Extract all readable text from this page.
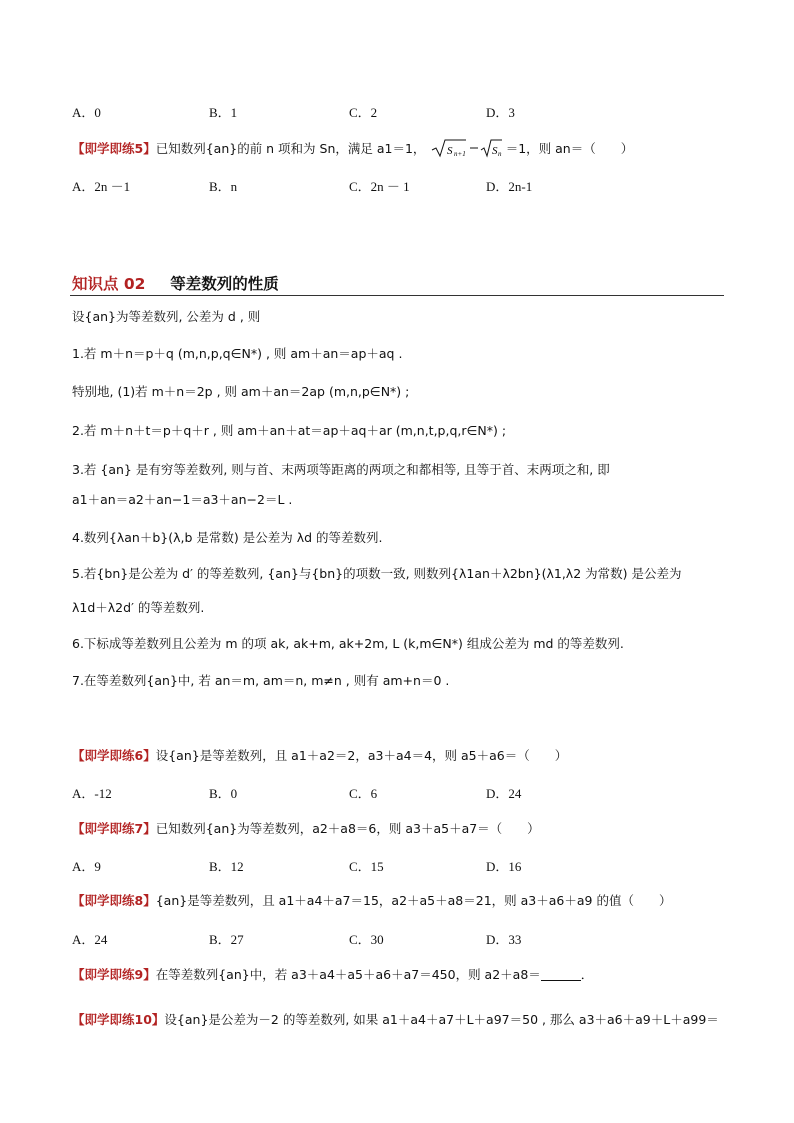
A．0	B．1	C．2	D．3
【即学即练5】已知数列{an}的前 n 项和为 Sn，满足 a1＝1， S n+1 S n ＝1，则 an＝（　　）
A．2n －1	B．n	C．2n － 1	D．2n-1
知识点 02 等差数列的性质
设{an}为等差数列, 公差为 d , 则
1.若 m＋n＝p＋q (m,n,p,q∈N*) , 则 am＋an＝ap＋aq .
特别地, (1)若 m＋n＝2p , 则 am＋an＝2ap (m,n,p∈N*) ;
2.若 m＋n＋t＝p＋q＋r , 则 am＋an＋at＝ap＋aq＋ar (m,n,t,p,q,r∈N*) ;
3.若 {an} 是有穷等差数列, 则与首、末两项等距离的两项之和都相等, 且等于首、末两项之和, 即
a1＋an＝a2＋an−1＝a3＋an−2＝L .
4.数列{λan＋b}(λ,b 是常数) 是公差为 λd 的等差数列.
5.若{bn}是公差为 d′ 的等差数列, {an}与{bn}的项数一致, 则数列{λ1an＋λ2bn}(λ1,λ2 为常数) 是公差为
λ1d＋λ2d′ 的等差数列.
6.下标成等差数列且公差为 m 的项 ak, ak+m, ak+2m, L (k,m∈N*) 组成公差为 md 的等差数列.
7.在等差数列{an}中, 若 an＝m, am＝n, m≠n , 则有 am+n＝0 .
【即学即练6】设{an}是等差数列，且 a1＋a2＝2，a3＋a4＝4，则 a5＋a6＝（　　）
A．-12	B．0	C．6	D．24
【即学即练7】已知数列{an}为等差数列，a2＋a8＝6，则 a3＋a5＋a7＝（　　）
A．9	B．12	C．15	D．16
【即学即练8】{an}是等差数列，且 a1＋a4＋a7＝15，a2＋a5＋a8＝21，则 a3＋a6＋a9 的值（　　）
A．24	B．27	C．30	D．33
【即学即练9】在等差数列{an}中，若 a3＋a4＋a5＋a6＋a7＝450，则 a2＋a8＝	．
【即学即练10】设{an}是公差为－2 的等差数列, 如果 a1＋a4＋a7＋L＋a97＝50 , 那么 a3＋a6＋a9＋L＋a99＝
